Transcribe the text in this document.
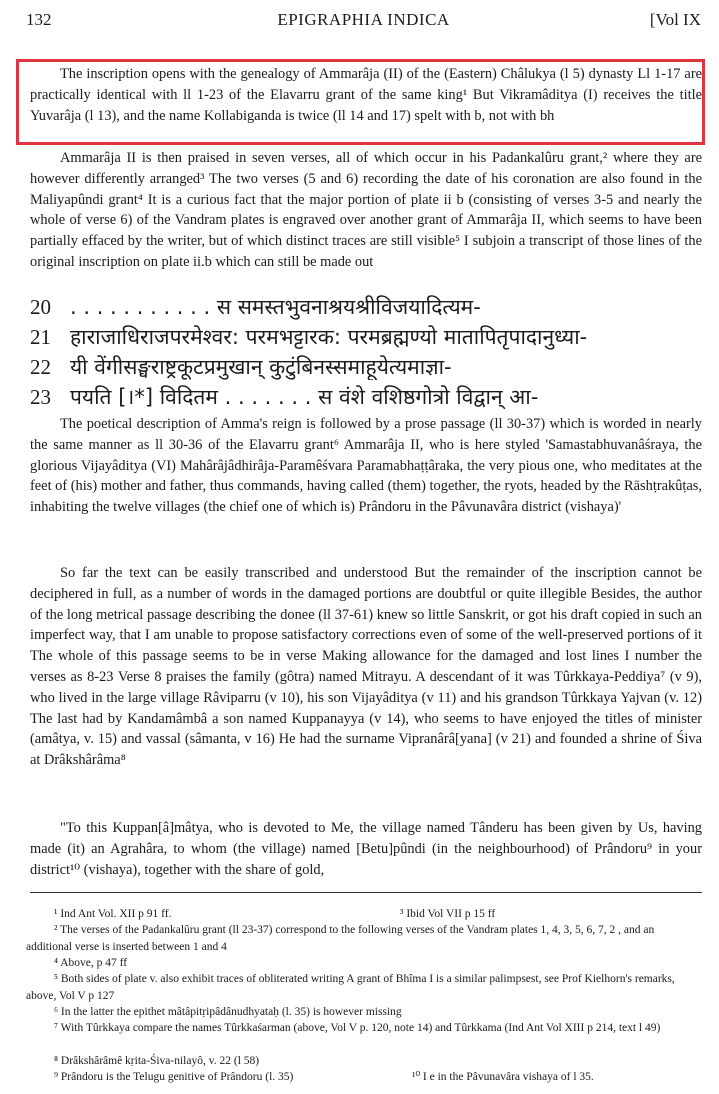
132	EPIGRAPHIA INDICA	[Vol IX

The inscription opens with the genealogy of Ammarâja (II) of the (Eastern) Châlukya (l 5) dynasty Ll 1-17 are practically identical with ll 1-23 of the Elavarru grant of the same king¹ But Vikramâditya (I) receives the title Yuvarâja (l 13), and the name Kollabiganda is twice (ll 14 and 17) spelt with b, not with bh

Ammarâja II is then praised in seven verses, all of which occur in his Padankalûru grant,² where they are however differently arranged³ The two verses (5 and 6) recording the date of his coronation are also found in the Maliyapûndi grant⁴ It is a curious fact that the major portion of plate ii b (consisting of verses 3-5 and nearly the whole of verse 6) of the Vandram plates is engraved over another grant of Ammarâja II, which seems to have been partially effaced by the writer, but of which distinct traces are still visible⁵ I subjoin a transcript of those lines of the original inscription on plate ii.b which can still be made out

20 . . . . . . . . . . . स समस्तभुवनाश्रयश्रीविजयादित्यम-
21 हाराजाधिराजपरमेश्वर: परमभट्टारक: परमब्रह्मण्यो मातापितृपादानुध्या-
22 यी वेंगीसङ्घराष्ट्रकूटप्रमुखान् कुटुंबिनस्समाहूयेत्यमाज्ञा-
23 पयति [।*] विदितम . . . . . . . स वंशे वशिष्ठगोत्रो विद्वान् आ-

The poetical description of Amma's reign is followed by a prose passage (ll 30-37) which is worded in nearly the same manner as ll 30-36 of the Elavarru grant⁶ Ammarâja II, who is here styled 'Samastabhuvanâśraya, the glorious Vijayâditya (VI) Mahârâjâdhirâja-Paramêśvara Paramabhaṭṭâraka, the very pious one, who meditates at the feet of (his) mother and father, thus commands, having called (them) together, the ryots, headed by the Rāshṭrakûṭas, inhabiting the twelve villages (the chief one of which is) Prândoru in the Pâvunavâra district (vishaya)'

So far the text can be easily transcribed and understood But the remainder of the inscription cannot be deciphered in full, as a number of words in the damaged portions are doubtful or quite illegible Besides, the author of the long metrical passage describing the donee (ll 37-61) knew so little Sanskrit, or got his draft copied in such an imperfect way, that I am unable to propose satisfactory corrections even of some of the well-preserved portions of it The whole of this passage seems to be in verse Making allowance for the damaged and lost lines I number the verses as 8-23 Verse 8 praises the family (gôtra) named Mitrayu. A descendant of it was Tûrkkaya-Peddiya⁷ (v 9), who lived in the large village Râviparru (v 10), his son Vijayâditya (v 11) and his grandson Tûrkkaya Yajvan (v. 12) The last had by Kandamâmbâ a son named Kuppanayya (v 14), who seems to have enjoyed the titles of minister (amâtya, v. 15) and vassal (sâmanta, v 16) He had the surname Vipranârâ[yana] (v 21) and founded a shrine of Śiva at Drâkshârâma⁸

"To this Kuppan[â]mâtya, who is devoted to Me, the village named Tânderu has been given by Us, having made (it) an Agrahâra, to whom (the village) named [Betu]pûndi (in the neighbourhood) of Prândoru⁹ in your district¹⁰ (vishaya), together with the share of gold,

¹ Ind Ant Vol. XII p 91 ff.	³ Ibid Vol VII p 15 ff

² The verses of the Padankalûru grant (ll 23-37) correspond to the following verses of the Vandram plates 1, 4, 3, 5, 6, 7, 2 , and an additional verse is inserted between 1 and 4

⁴ Above, p 47 ff

⁵ Both sides of plate v. also exhibit traces of obliterated writing A grant of Bhîma I is a similar palimpsest, see Prof Kielhorn's remarks, above, Vol V p 127

⁶ In the latter the epithet mâtâpitṛipâdânudhyataḥ (l. 35) is however missing

⁷ With Tûrkkaya compare the names Tûrkkaśarman (above, Vol V p. 120, note 14) and Tûrkkama (Ind Ant Vol XIII p 214, text l 49)

⁸ Drâkshârâmê kṛita-Śiva-nilayô, v. 22 (l 58)
⁹ Prândoru is the Telugu genitive of Prândoru (l. 35)	¹⁰ I e in the Pâvunavâra vishaya of l 35.
